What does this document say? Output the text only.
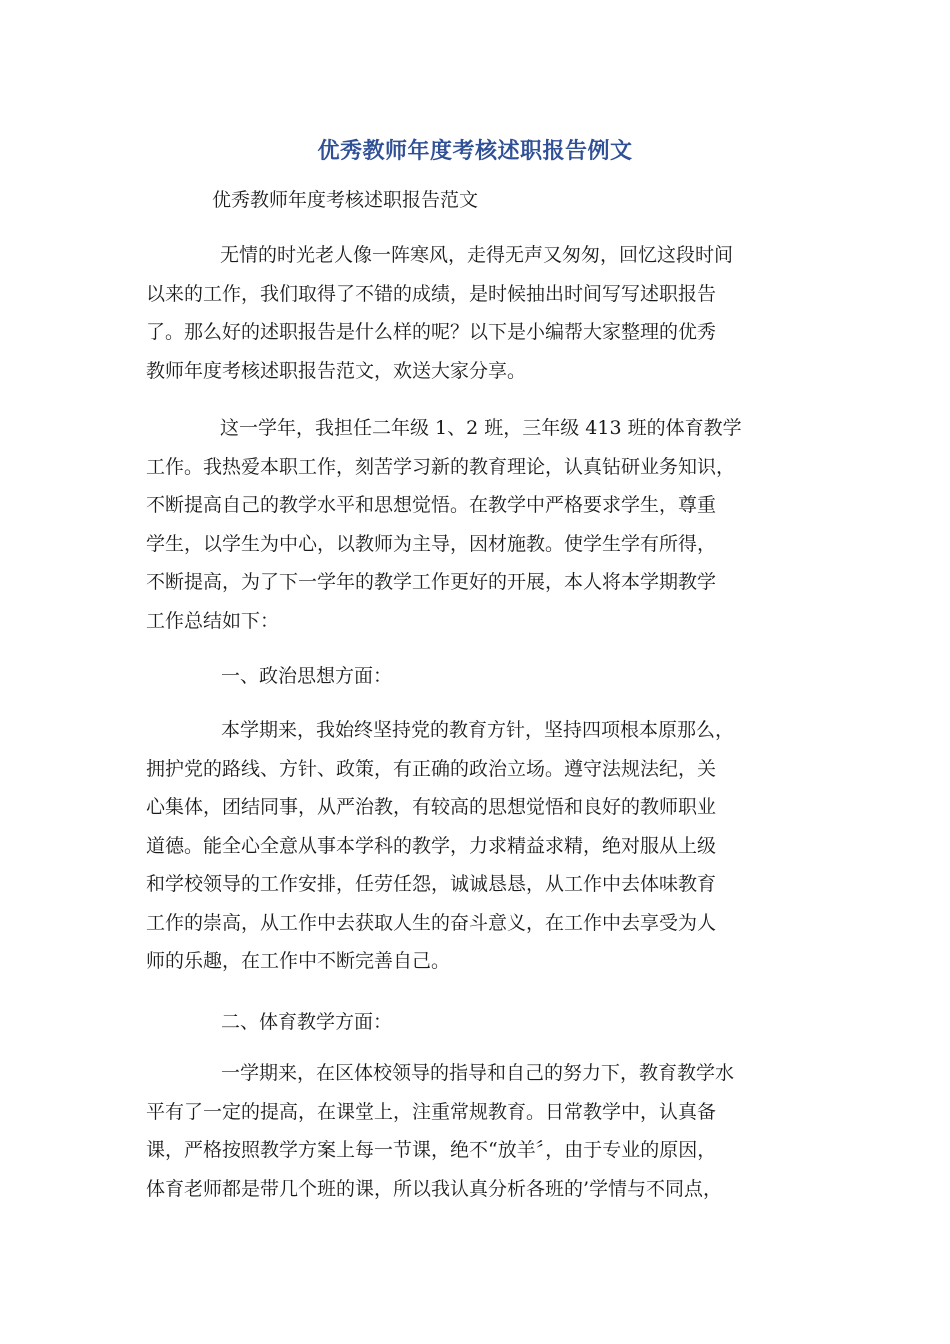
优秀教师年度考核述职报告例文
优秀教师年度考核述职报告范文
　无情的时光老人像一阵寒风，走得无声又匆匆，回忆这段时间
以来的工作，我们取得了不错的成绩，是时候抽出时间写写述职报告
了。那么好的述职报告是什么样的呢？以下是小编帮大家整理的优秀
教师年度考核述职报告范文，欢送大家分享。
　这一学年，我担任二年级 1、2 班，三年级 413 班的体育教学
工作。我热爱本职工作，刻苦学习新的教育理论，认真钻研业务知识，
不断提高自己的教学水平和思想觉悟。在教学中严格要求学生，尊重
学生，以学生为中心，以教师为主导，因材施教。使学生学有所得，
不断提高，为了下一学年的教学工作更好的开展，本人将本学期教学
工作总结如下：
一、政治思想方面：
本学期来，我始终坚持党的教育方针，坚持四项根本原那么，
拥护党的路线、方针、政策，有正确的政治立场。遵守法规法纪，关
心集体，团结同事，从严治教，有较高的思想觉悟和良好的教师职业
道德。能全心全意从事本学科的教学，力求精益求精，绝对服从上级
和学校领导的工作安排，任劳任怨，诚诚恳恳，从工作中去体味教育
工作的崇高，从工作中去获取人生的奋斗意义，在工作中去享受为人
师的乐趣，在工作中不断完善自己。
二、体育教学方面：
一学期来，在区体校领导的指导和自己的努力下，教育教学水
平有了一定的提高，在课堂上，注重常规教育。日常教学中，认真备
课，严格按照教学方案上每一节课，绝不“放羊〞，由于专业的原因，
体育老师都是带几个班的课，所以我认真分析各班的’学情与不同点，
